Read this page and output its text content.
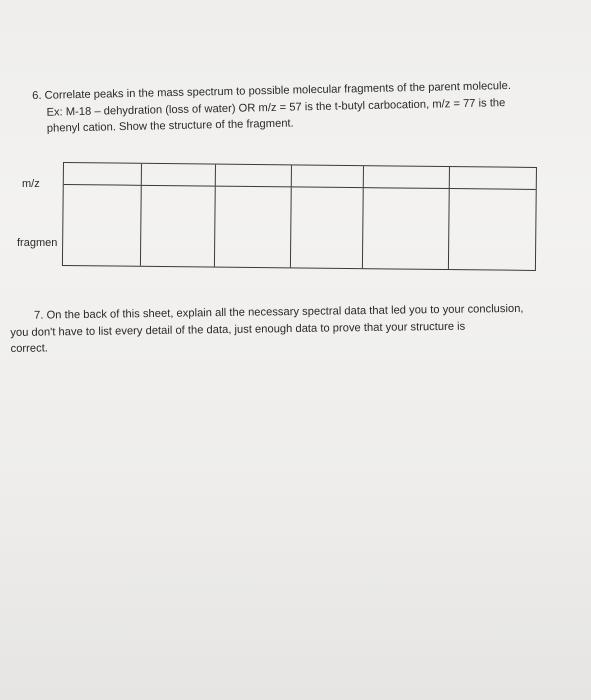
6. Correlate peaks in the mass spectrum to possible molecular fragments of the parent molecule.
Ex: M-18 – dehydration (loss of water) OR m/z = 57 is the t-butyl carbocation, m/z = 77 is the
phenyl cation. Show the structure of the fragment.
m/z
fragmen
7. On the back of this sheet, explain all the necessary spectral data that led you to your conclusion,
you don't have to list every detail of the data, just enough data to prove that your structure is
correct.
